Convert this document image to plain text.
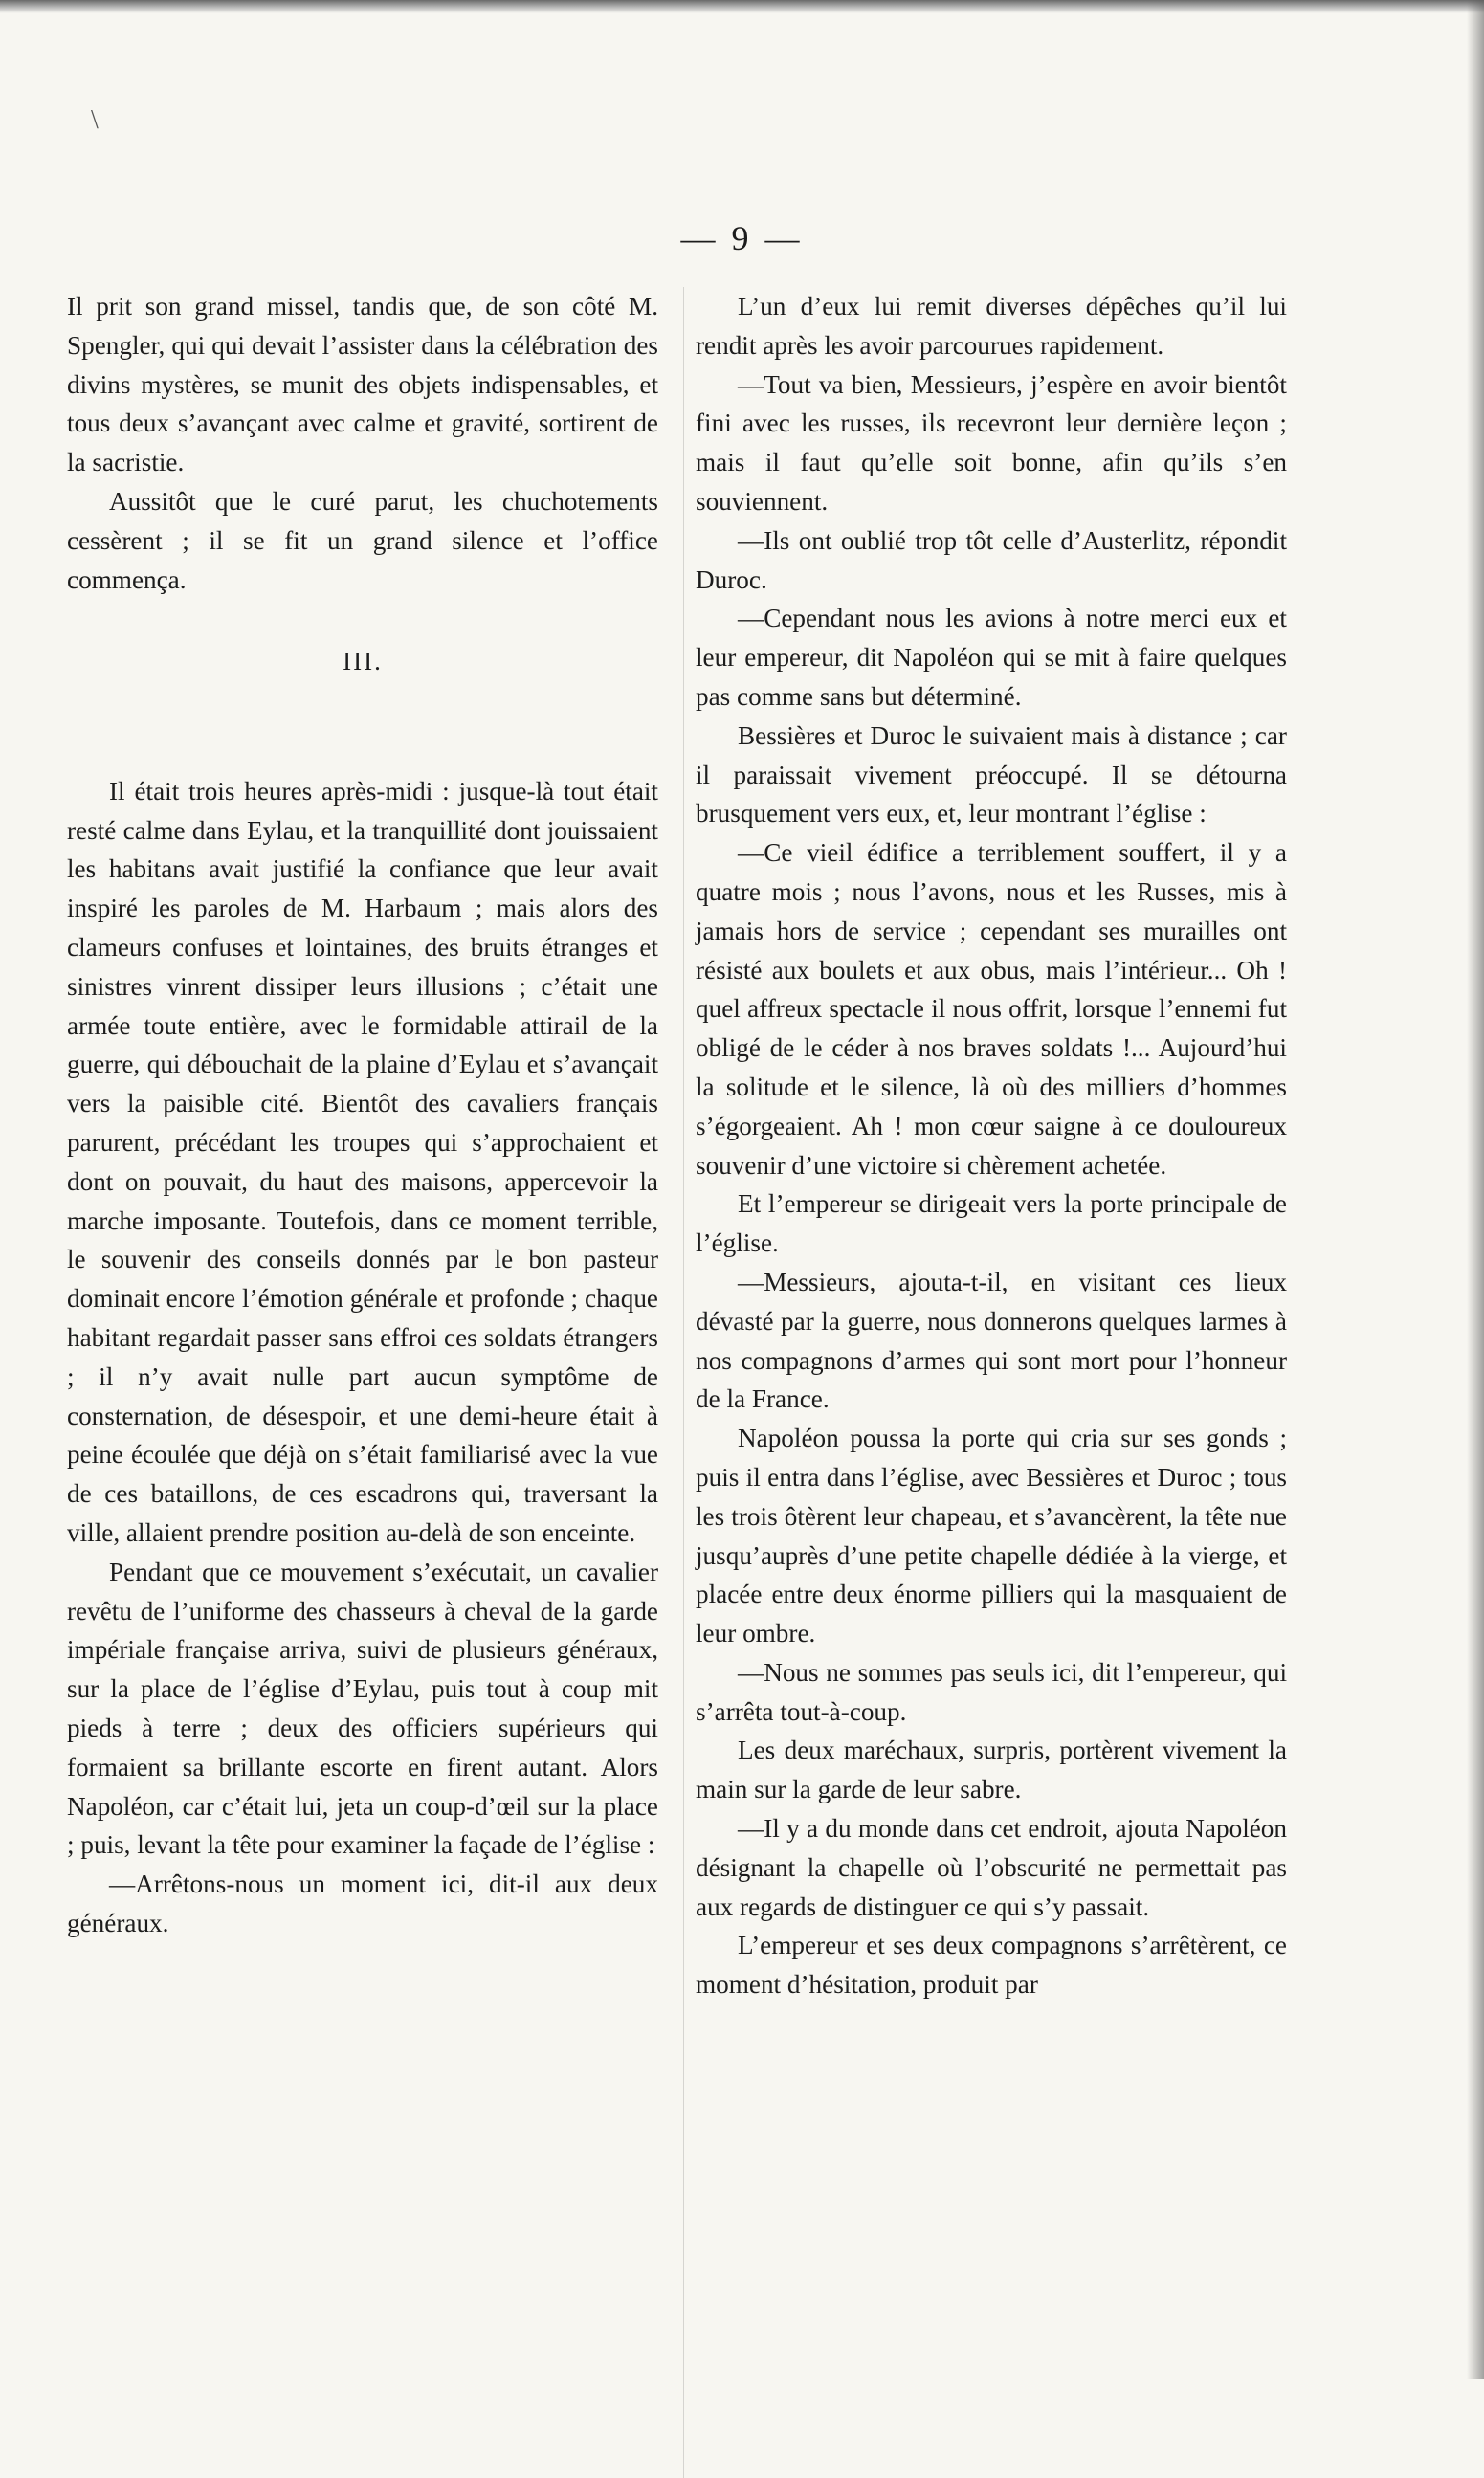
\
— 9 —

Il prit son grand missel, tandis que, de son côté M. Spengler, qui qui devait l’assister dans la célébration des divins mystères, se munit des objets indispensables, et tous deux s’avançant avec calme et gravité, sortirent de la sacristie.

Aussitôt que le curé parut, les chuchotements cessèrent ; il se fit un grand silence et l’office commença.

III.

Il était trois heures après-midi : jusque-là tout était resté calme dans Eylau, et la tranquillité dont jouissaient les habitans avait justifié la confiance que leur avait inspiré les paroles de M. Harbaum ; mais alors des clameurs confuses et lointaines, des bruits étranges et sinistres vinrent dissiper leurs illusions ; c’était une armée toute entière, avec le formidable attirail de la guerre, qui débouchait de la plaine d’Eylau et s’avançait vers la paisible cité. Bientôt des cavaliers français parurent, précédant les troupes qui s’approchaient et dont on pouvait, du haut des maisons, appercevoir la marche imposante. Toutefois, dans ce moment terrible, le souvenir des conseils donnés par le bon pasteur dominait encore l’émotion générale et profonde ; chaque habitant regardait passer sans effroi ces soldats étrangers ; il n’y avait nulle part aucun symptôme de consternation, de désespoir, et une demi-heure était à peine écoulée que déjà on s’était familiarisé avec la vue de ces bataillons, de ces escadrons qui, traversant la ville, allaient prendre position au-delà de son enceinte.

Pendant que ce mouvement s’exécutait, un cavalier revêtu de l’uniforme des chasseurs à cheval de la garde impériale française arriva, suivi de plusieurs généraux, sur la place de l’église d’Eylau, puis tout à coup mit pieds à terre ; deux des officiers supérieurs qui formaient sa brillante escorte en firent autant. Alors Napoléon, car c’était lui, jeta un coup-d’œil sur la place ; puis, levant la tête pour examiner la façade de l’église :

—Arrêtons-nous un moment ici, dit-il aux deux généraux.

L’un d’eux lui remit diverses dépêches qu’il lui rendit après les avoir parcourues rapidement.

—Tout va bien, Messieurs, j’espère en avoir bientôt fini avec les russes, ils recevront leur dernière leçon ; mais il faut qu’elle soit bonne, afin qu’ils s’en souviennent.

—Ils ont oublié trop tôt celle d’Austerlitz, répondit Duroc.

—Cependant nous les avions à notre merci eux et leur empereur, dit Napoléon qui se mit à faire quelques pas comme sans but déterminé.

Bessières et Duroc le suivaient mais à distance ; car il paraissait vivement préoccupé. Il se détourna brusquement vers eux, et, leur montrant l’église :

—Ce vieil édifice a terriblement souffert, il y a quatre mois ; nous l’avons, nous et les Russes, mis à jamais hors de service ; cependant ses murailles ont résisté aux boulets et aux obus, mais l’intérieur... Oh ! quel affreux spectacle il nous offrit, lorsque l’ennemi fut obligé de le céder à nos braves soldats !... Aujourd’hui la solitude et le silence, là où des milliers d’hommes s’égorgeaient. Ah ! mon cœur saigne à ce douloureux souvenir d’une victoire si chèrement achetée.

Et l’empereur se dirigeait vers la porte principale de l’église.

—Messieurs, ajouta-t-il, en visitant ces lieux dévasté par la guerre, nous donnerons quelques larmes à nos compagnons d’armes qui sont mort pour l’honneur de la France.

Napoléon poussa la porte qui cria sur ses gonds ; puis il entra dans l’église, avec Bessières et Duroc ; tous les trois ôtèrent leur chapeau, et s’avancèrent, la tête nue jusqu’auprès d’une petite chapelle dédiée à la vierge, et placée entre deux énorme pilliers qui la masquaient de leur ombre.

—Nous ne sommes pas seuls ici, dit l’empereur, qui s’arrêta tout-à-coup.

Les deux maréchaux, surpris, portèrent vivement la main sur la garde de leur sabre.

—Il y a du monde dans cet endroit, ajouta Napoléon désignant la chapelle où l’obscurité ne permettait pas aux regards de distinguer ce qui s’y passait.

L’empereur et ses deux compagnons s’arrêtèrent, ce moment d’hésitation, produit par
